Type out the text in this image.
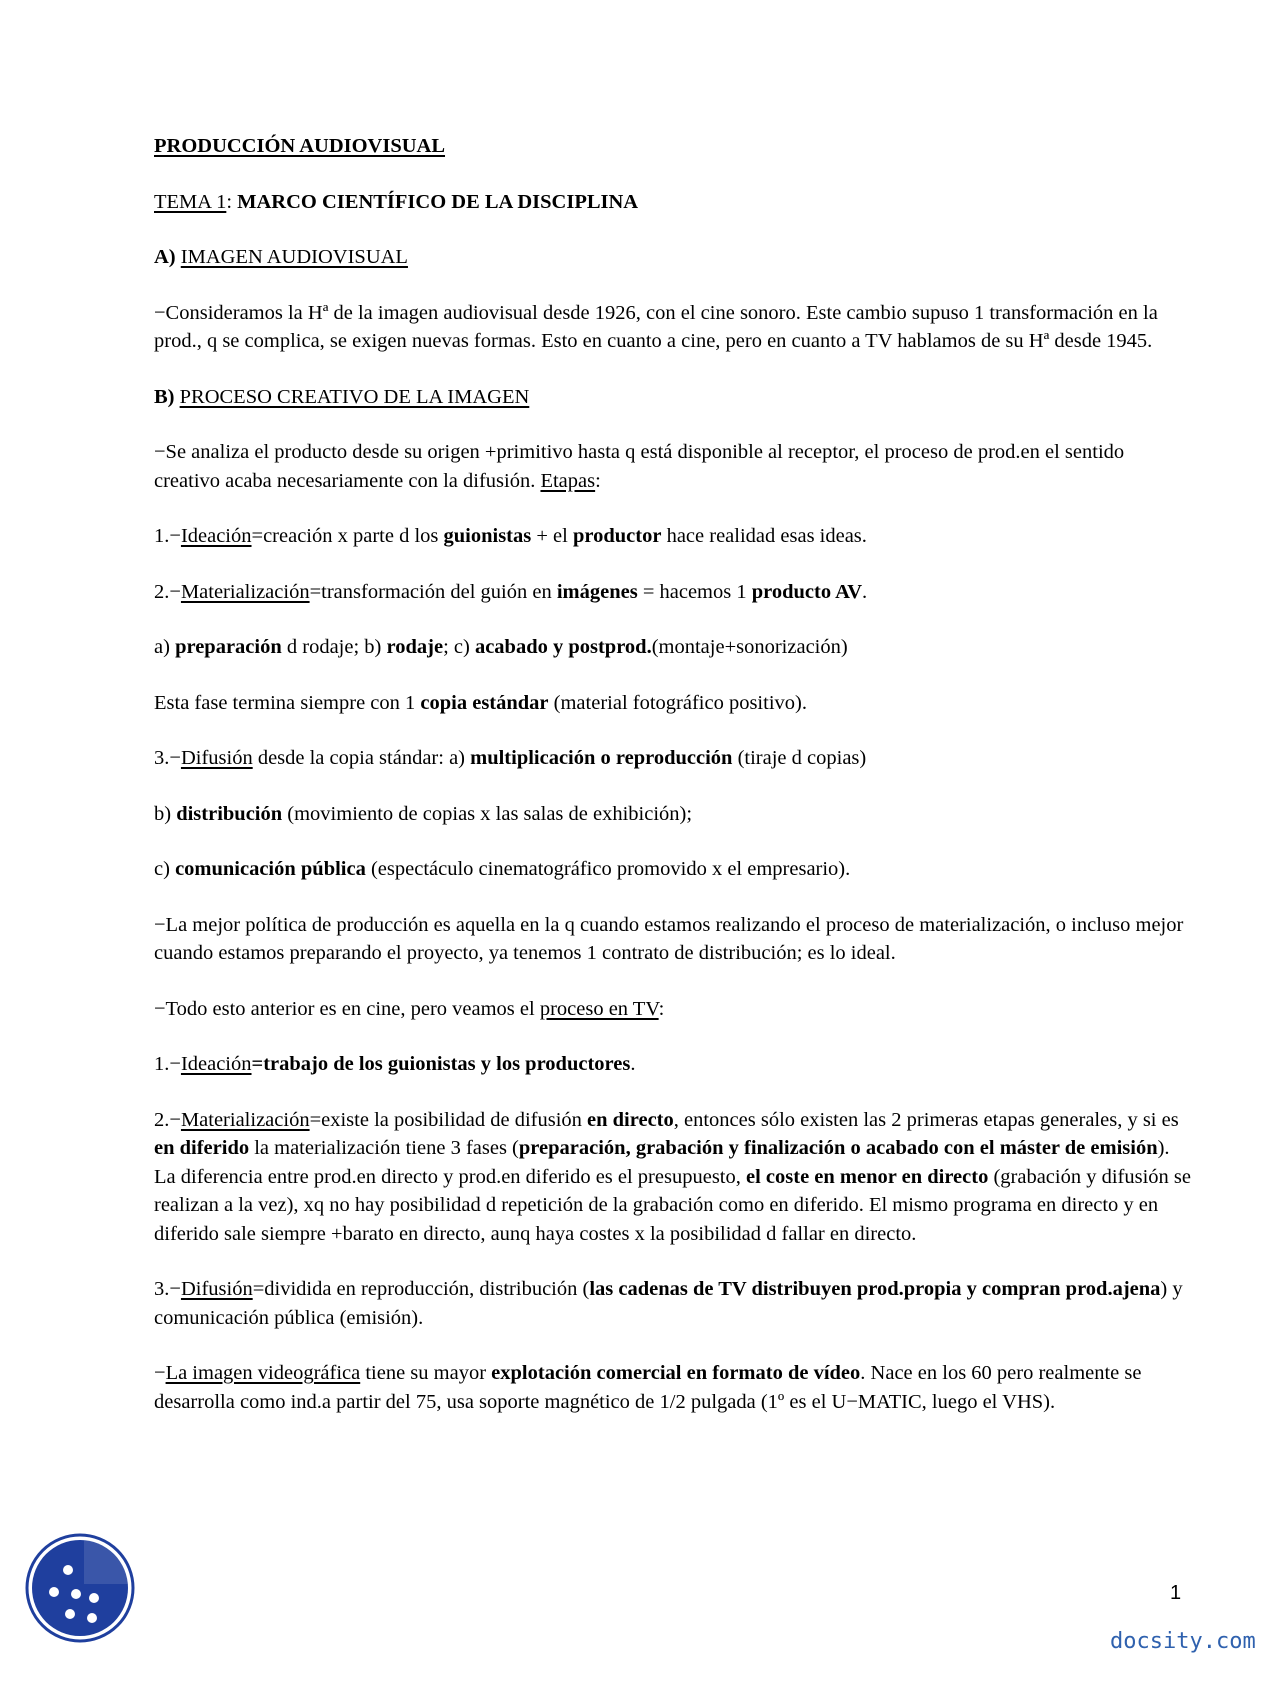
PRODUCCIÓN AUDIOVISUAL

TEMA 1: MARCO CIENTÍFICO DE LA DISCIPLINA

A) IMAGEN AUDIOVISUAL

−Consideramos la Hª de la imagen audiovisual desde 1926, con el cine sonoro. Este cambio supuso 1 transformación en la prod., q se complica, se exigen nuevas formas. Esto en cuanto a cine, pero en cuanto a TV hablamos de su Hª desde 1945.

B) PROCESO CREATIVO DE LA IMAGEN

−Se analiza el producto desde su origen +primitivo hasta q está disponible al receptor, el proceso de prod.en el sentido creativo acaba necesariamente con la difusión. Etapas:

1.−Ideación=creación x parte d los guionistas + el productor hace realidad esas ideas.

2.−Materialización=transformación del guión en imágenes = hacemos 1 producto AV.

a) preparación d rodaje; b) rodaje; c) acabado y postprod.(montaje+sonorización)

Esta fase termina siempre con 1 copia estándar (material fotográfico positivo).

3.−Difusión desde la copia stándar: a) multiplicación o reproducción (tiraje d copias)

b) distribución (movimiento de copias x las salas de exhibición);

c) comunicación pública (espectáculo cinematográfico promovido x el empresario).

−La mejor política de producción es aquella en la q cuando estamos realizando el proceso de materialización, o incluso mejor cuando estamos preparando el proyecto, ya tenemos 1 contrato de distribución; es lo ideal.

−Todo esto anterior es en cine, pero veamos el proceso en TV:

1.−Ideación=trabajo de los guionistas y los productores.

2.−Materialización=existe la posibilidad de difusión en directo, entonces sólo existen las 2 primeras etapas generales, y si es en diferido la materialización tiene 3 fases (preparación, grabación y finalización o acabado con el máster de emisión). La diferencia entre prod.en directo y prod.en diferido es el presupuesto, el coste en menor en directo (grabación y difusión se realizan a la vez), xq no hay posibilidad d repetición de la grabación como en diferido. El mismo programa en directo y en diferido sale siempre +barato en directo, aunq haya costes x la posibilidad d fallar en directo.

3.−Difusión=dividida en reproducción, distribución (las cadenas de TV distribuyen prod.propia y compran prod.ajena) y comunicación pública (emisión).

−La imagen videográfica tiene su mayor explotación comercial en formato de vídeo. Nace en los 60 pero realmente se desarrolla como ind.a partir del 75, usa soporte magnético de 1/2 pulgada (1º es el U−MATIC, luego el VHS).

1
docsity.com
